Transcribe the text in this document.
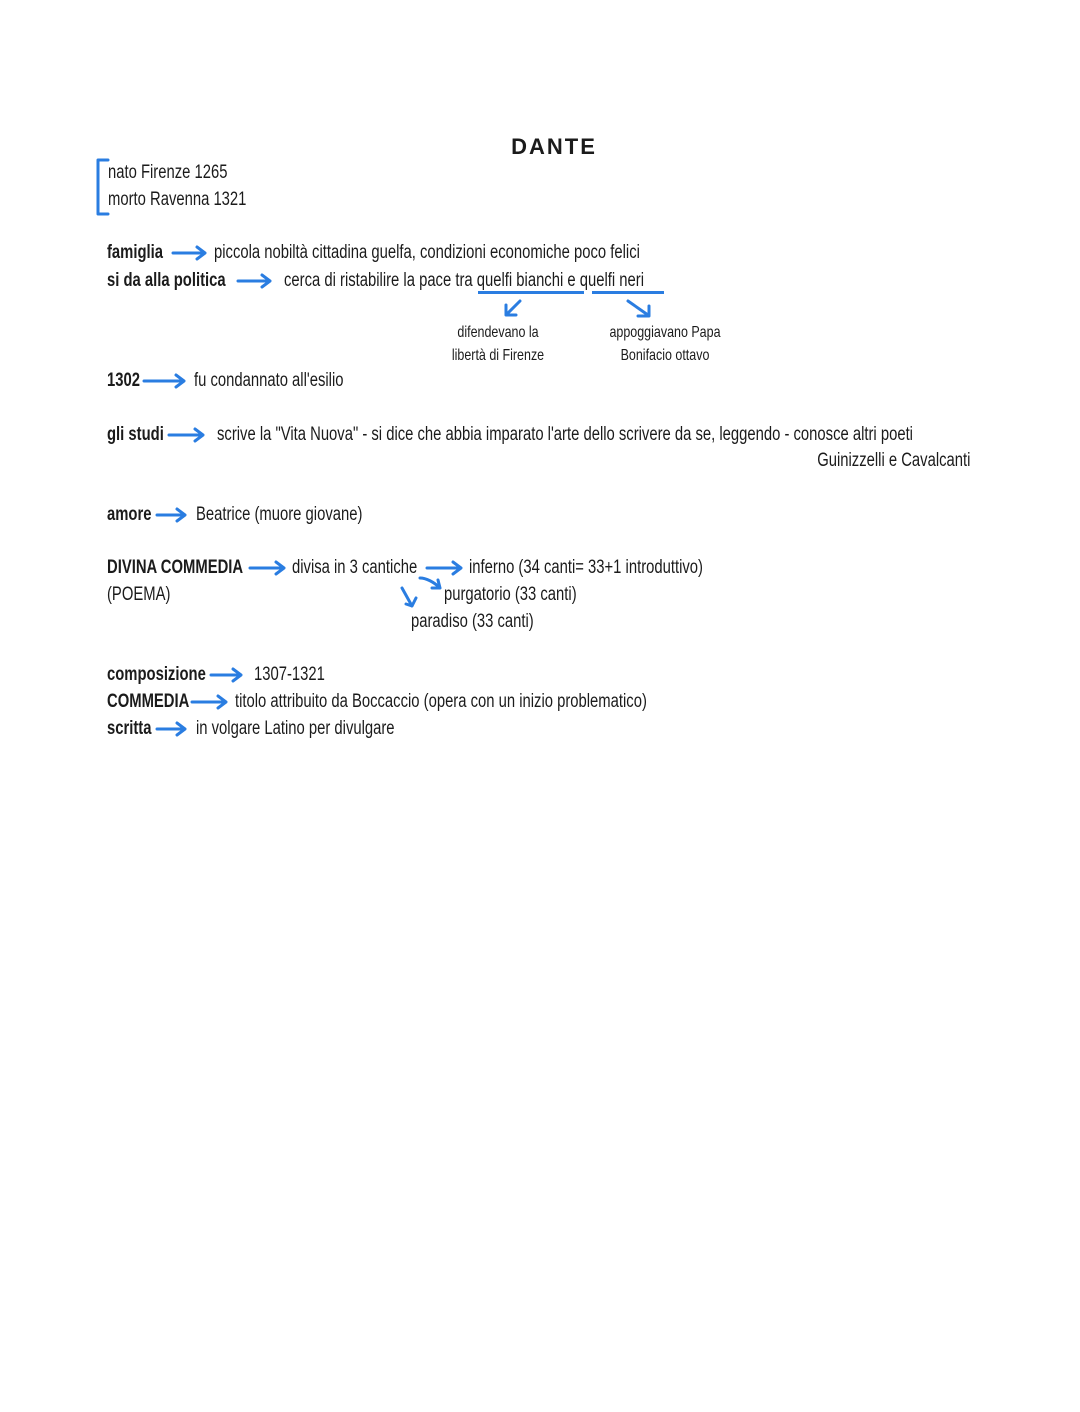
DANTE
nato Firenze 1265
morto Ravenna 1321
famiglia	piccola nobiltà cittadina guelfa, condizioni economiche poco felici
si da alla politica	cerca di ristabilire la pace tra quelfi bianchi e quelfi neri
difendevano la
libertà di Firenze
appoggiavano Papa
Bonifacio ottavo
1302	fu condannato all'esilio
gli studi	scrive la "Vita Nuova" - si dice che abbia imparato l'arte dello scrivere da se, leggendo - conosce altri poeti
Guinizzelli e Cavalcanti
amore Beatrice (muore giovane)
DIVINA COMMEDIA
(POEMA)
divisa in 3 cantiche	inferno (34 canti= 33+1 introduttivo)
purgatorio (33 canti)
paradiso (33 canti)
composizione	1307-1321
COMMEDIA titolo attribuito da Boccaccio (opera con un inizio problematico)
scritta in volgare Latino per divulgare
